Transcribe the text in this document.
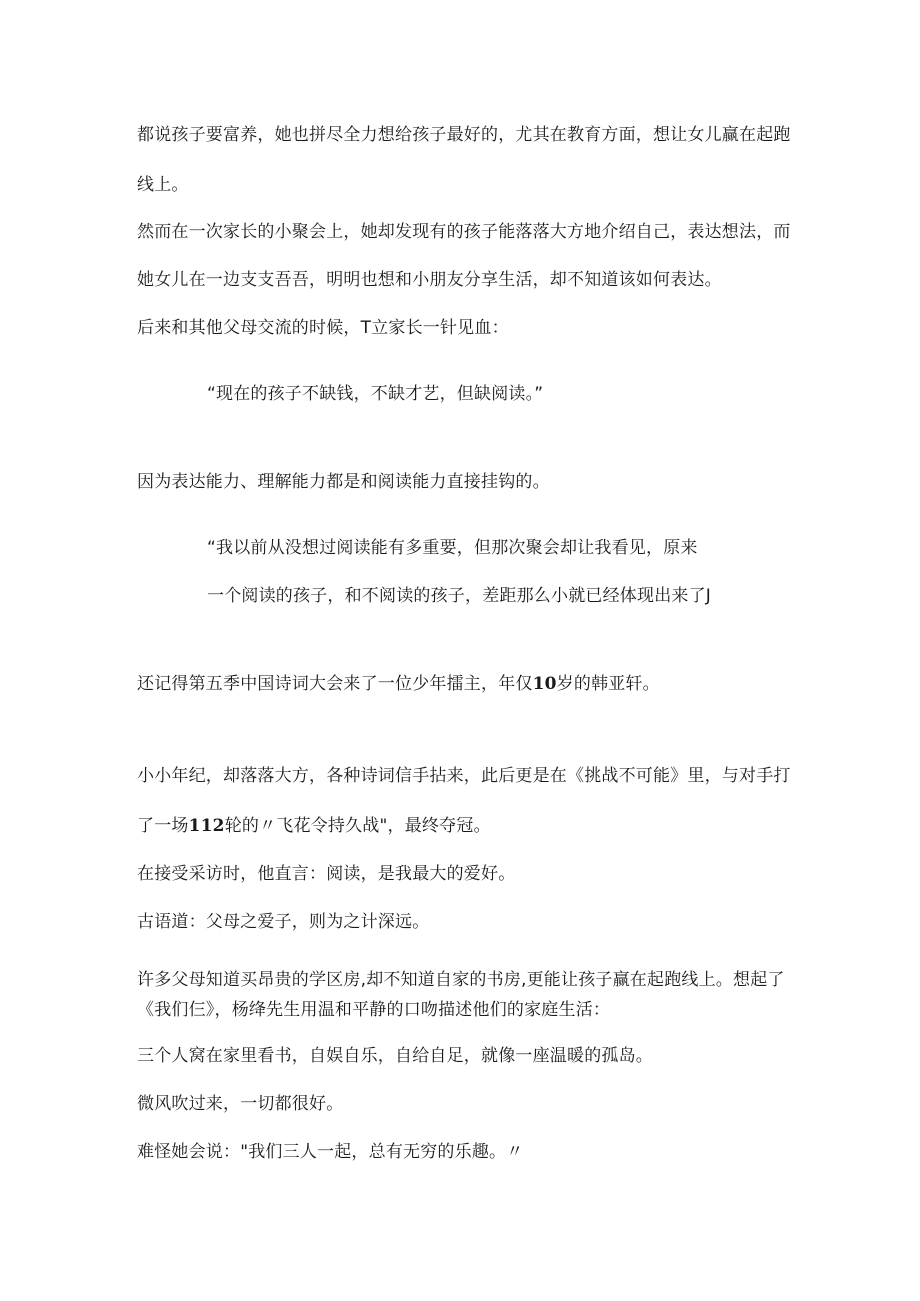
都说孩子要富养，她也拼尽全力想给孩子最好的，尤其在教育方面，想让女儿赢在起跑
线上。
然而在一次家长的小聚会上，她却发现有的孩子能落落大方地介绍自己，表达想法，而
她女儿在一边支支吾吾，明明也想和小朋友分享生活，却不知道该如何表达。
后来和其他父母交流的时候，T立家长一针见血：
“现在的孩子不缺钱，不缺才艺，但缺阅读。”
因为表达能力、理解能力都是和阅读能力直接挂钩的。
“我以前从没想过阅读能有多重要，但那次聚会却让我看见，原来
一个阅读的孩子，和不阅读的孩子，差距那么小就已经体现出来了J
还记得第五季中国诗词大会来了一位少年擂主，年仅10岁的韩亚轩。
小小年纪，却落落大方，各种诗词信手拈来，此后更是在《挑战不可能》里，与对手打
了一场112轮的〃飞花令持久战"，最终夺冠。
在接受采访时，他直言：阅读，是我最大的爱好。
古语道：父母之爱子，则为之计深远。
许多父母知道买昂贵的学区房,却不知道自家的书房,更能让孩子赢在起跑线上。想起了
《我们仨》，杨绛先生用温和平静的口吻描述他们的家庭生活：
三个人窝在家里看书，自娱自乐，自给自足，就像一座温暖的孤岛。
微风吹过来，一切都很好。
难怪她会说："我们三人一起，总有无穷的乐趣。〃
